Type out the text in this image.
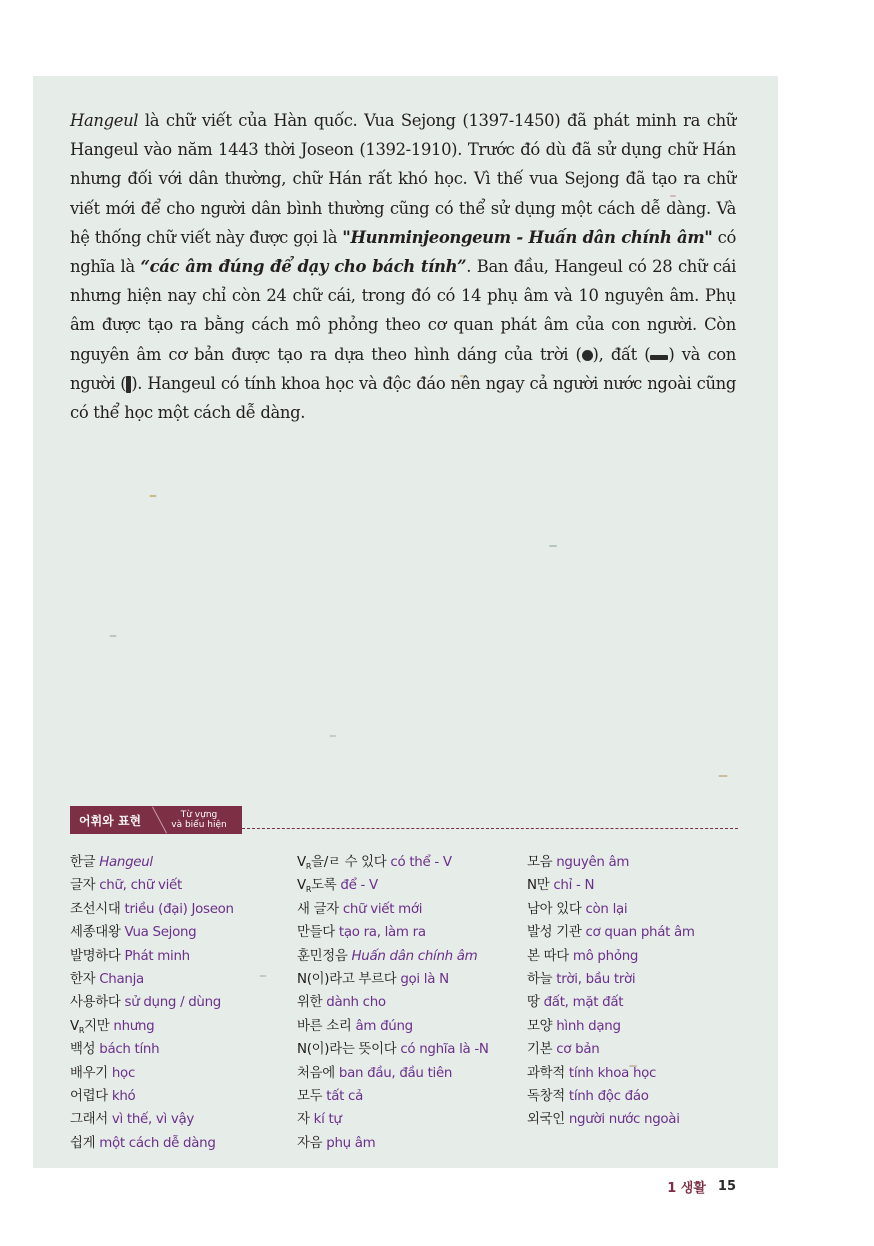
Hangeul là chữ viết của Hàn quốc. Vua Sejong (1397-1450) đã phát minh ra chữ Hangeul vào năm 1443 thời Joseon (1392-1910). Trước đó dù đã sử dụng chữ Hán nhưng đối với dân thường, chữ Hán rất khó học. Vì thế vua Sejong đã tạo ra chữ viết mới để cho người dân bình thường cũng có thể sử dụng một cách dễ dàng. Và hệ thống chữ viết này được gọi là "Hunminjeongeum - Huấn dân chính âm" có nghĩa là “các âm đúng để dạy cho bách tính”. Ban đầu, Hangeul có 28 chữ cái nhưng hiện nay chỉ còn 24 chữ cái, trong đó có 14 phụ âm và 10 nguyên âm. Phụ âm được tạo ra bằng cách mô phỏng theo cơ quan phát âm của con người. Còn nguyên âm cơ bản được tạo ra dựa theo hình dáng của trời ( ), đất ( ) và con người ( ). Hangeul có tính khoa học và độc đáo nên ngay cả người nước ngoài cũng có thể học một cách dễ dàng.

어휘와 표현	Từ vựng
và biểu hiện
한글 Hangeul
글자 chữ, chữ viết
조선시대 triều (đại) Joseon
세종대왕 Vua Sejong
발명하다 Phát minh
한자 Chanja
사용하다 sử dụng / dùng
$V_R$지만 nhưng
백성 bách tính
배우기 học
어렵다 khó
그래서 vì thế, vì vậy
쉽게 một cách dễ dàng
$V_R$을/ㄹ 수 있다 có thể - V
$V_R$도록 để - V
새 글자 chữ viết mới
만들다 tạo ra, làm ra
훈민정음 Huấn dân chính âm
N(이)라고 부르다 gọi là N
위한 dành cho
바른 소리 âm đúng
N(이)라는 뜻이다 có nghĩa là -N
처음에 ban đầu, đầu tiên
모두 tất cả
자 kí tự
자음 phụ âm
모음 nguyên âm
N만 chỉ - N
남아 있다 còn lại
발성 기관 cơ quan phát âm
본 따다 mô phỏng
하늘 trời, bầu trời
땅 đất, mặt đất
모양 hình dạng
기본 cơ bản
과학적 tính khoa học
독창적 tính độc đáo
외국인 người nước ngoài
1 생활 15
